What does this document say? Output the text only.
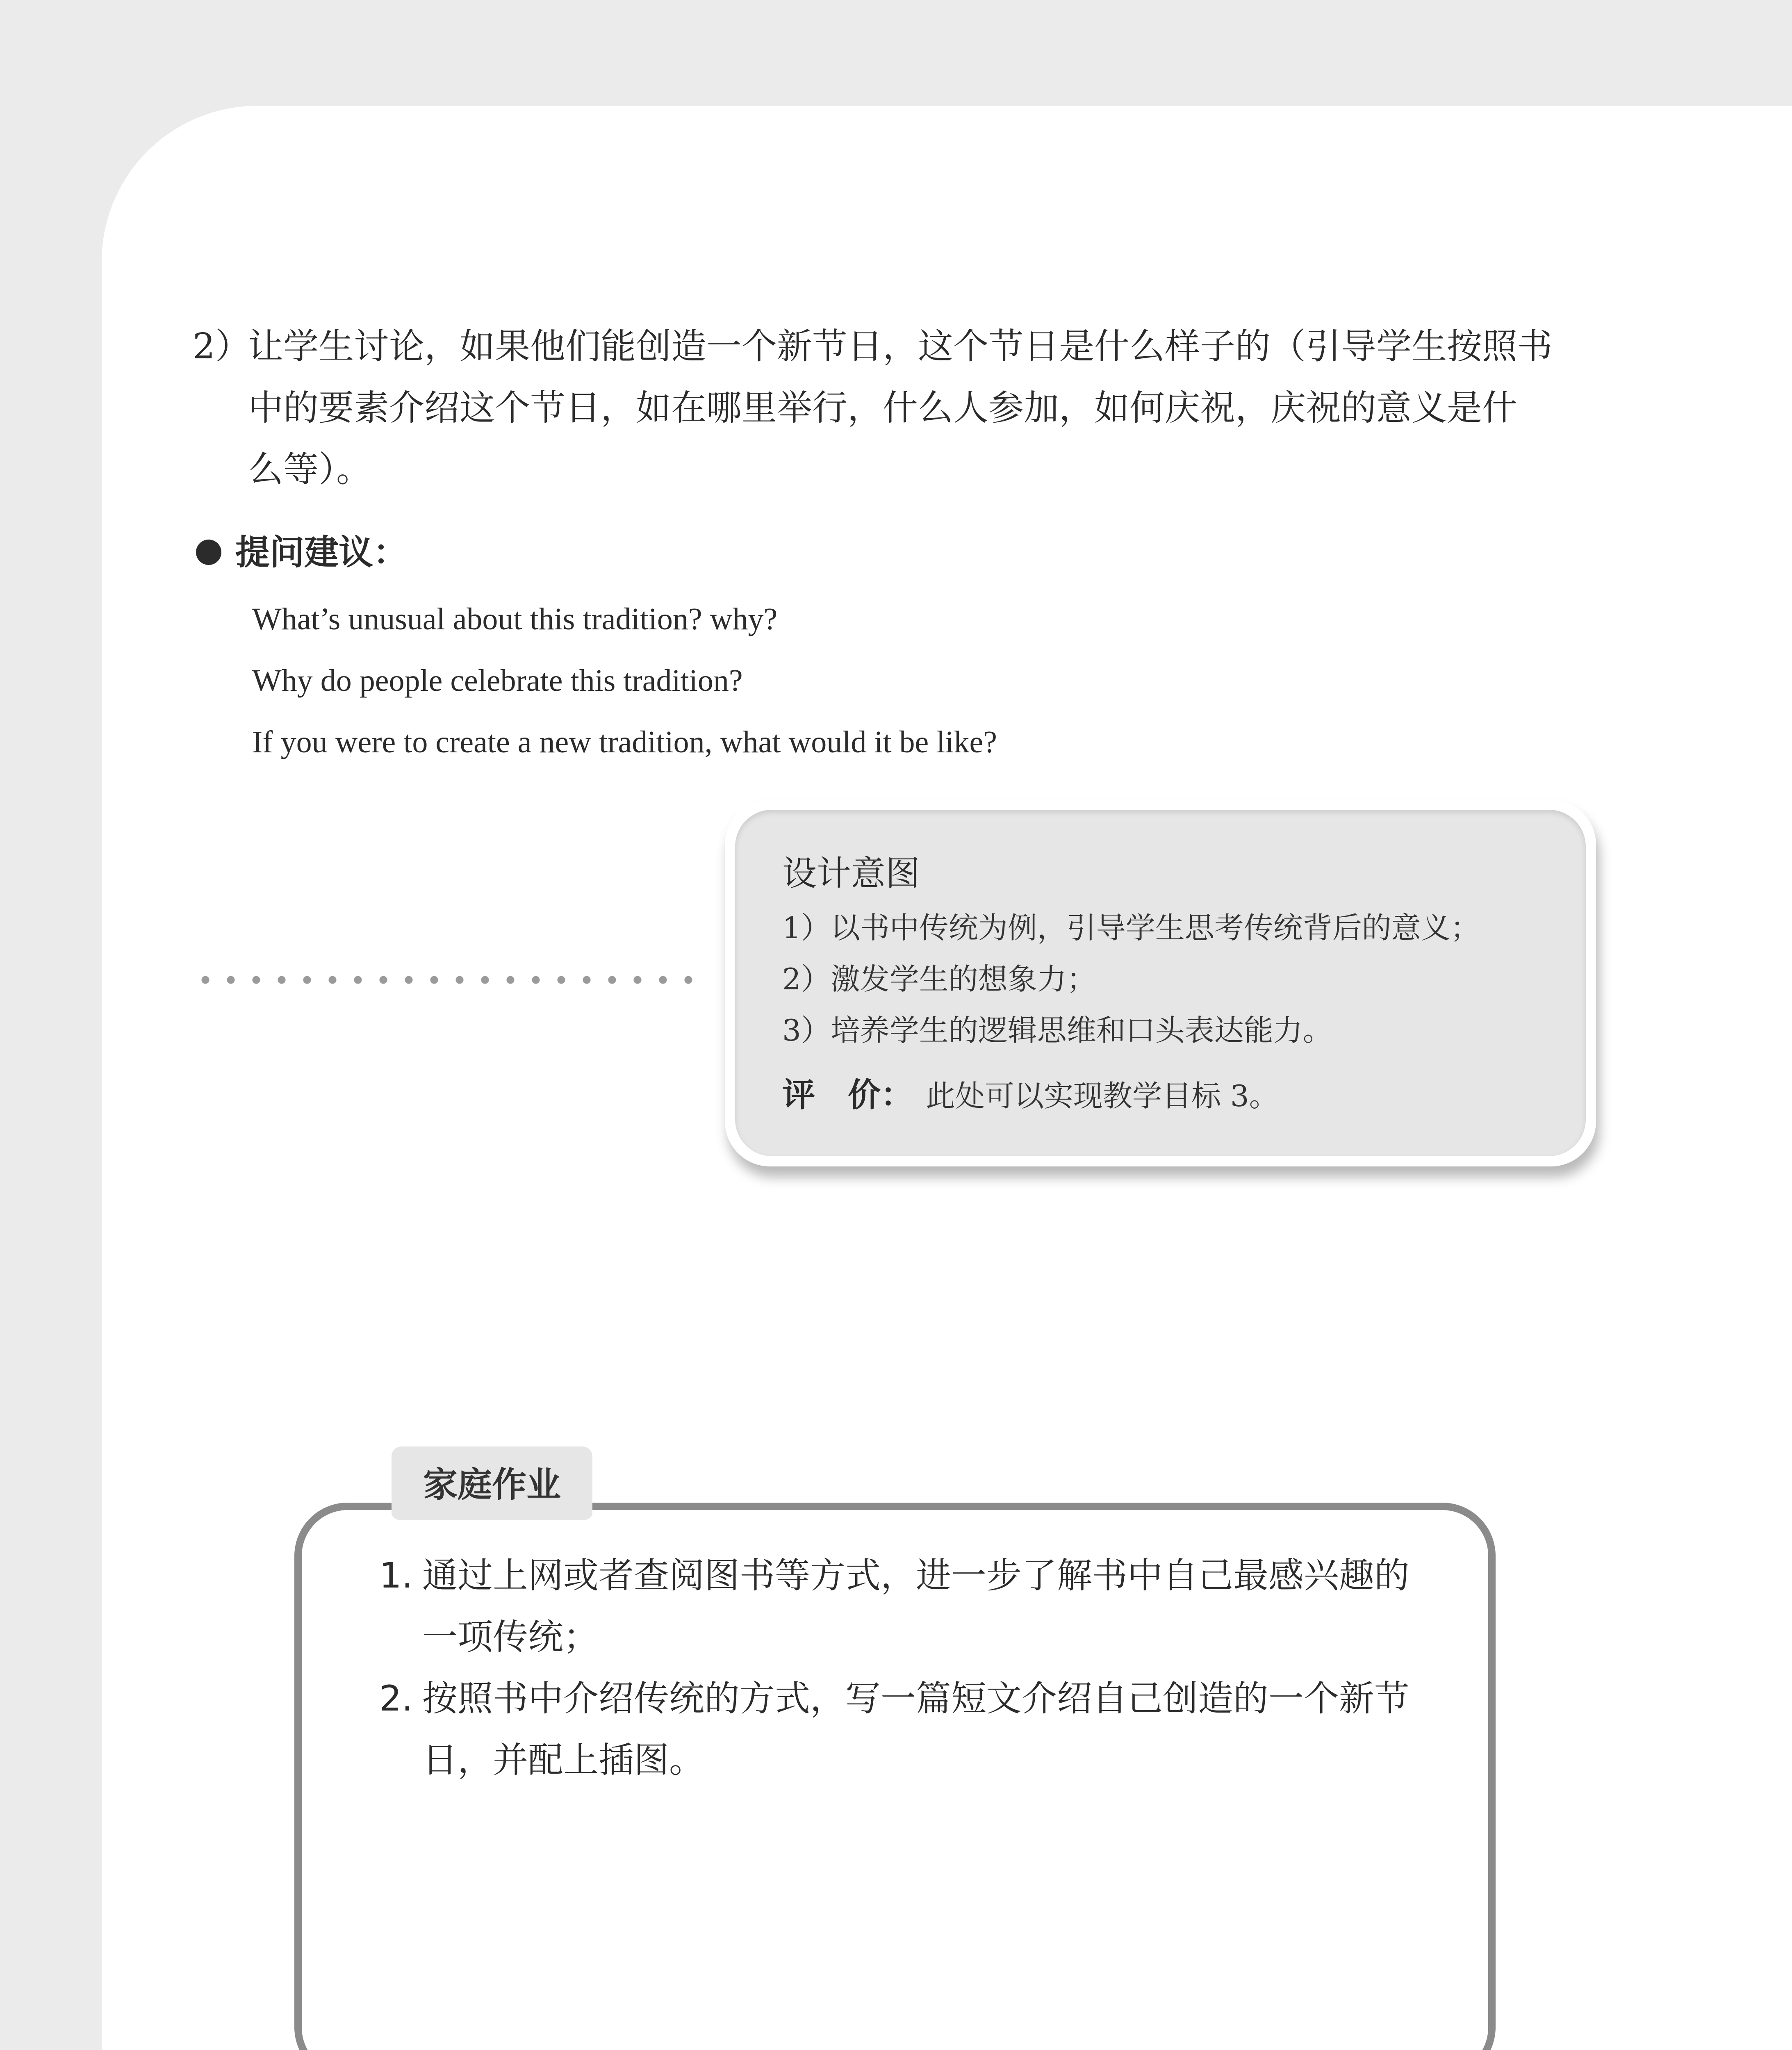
2）让学生讨论，如果他们能创造一个新节日，这个节日是什么样子的（引导学生按照书
中的要素介绍这个节日，如在哪里举行，什么人参加，如何庆祝，庆祝的意义是什
么等）。
提问建议：
What’s unusual about this tradition? why?
Why do people celebrate this tradition?
If you were to create a new tradition, what would it be like?
设计意图
1）以书中传统为例，引导学生思考传统背后的意义；
2）激发学生的想象力；
3）培养学生的逻辑思维和口头表达能力。
评　价： 此处可以实现教学目标 3。
家庭作业
1. 通过上网或者查阅图书等方式，进一步了解书中自己最感兴趣的
一项传统；
2. 按照书中介绍传统的方式，写一篇短文介绍自己创造的一个新节
日，并配上插图。
